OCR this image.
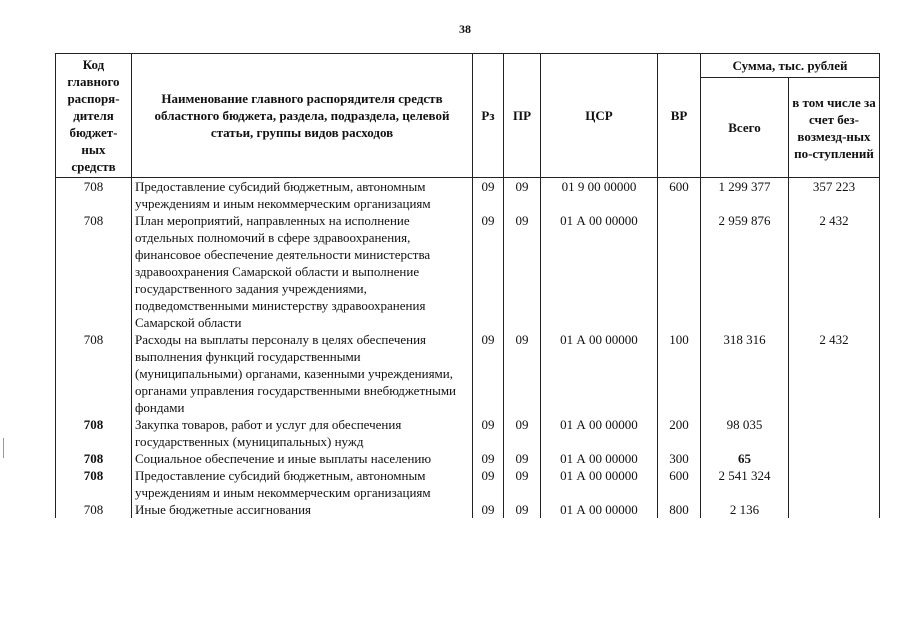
38
Код главного распоря-дителя бюджет-ных средств	Наименование главного распорядителя средств областного бюджета, раздела, подраздела, целевой статьи, группы видов расходов	Рз	ПР	ЦСР	ВР	Сумма, тыс. рублей	
						Всего	в том числе за счет без-возмезд-ных по-ступлений
708	Предоставление субсидий бюджетным, автономным учреждениям и иным некоммерческим организациям	09	09	01 9 00 00000	600	1 299 377	357 223
708	План мероприятий, направленных на исполнение отдельных полномочий в сфере здравоохранения, финансовое обеспечение деятельности министерства здравоохранения Самарской области и выполнение государственного задания учреждениями, подведомственными министерству здравоохранения Самарской области	09	09	01 А 00 00000		2 959 876	2 432
708	Расходы на выплаты персоналу в целях обеспечения выполнения функций государственными (муниципальными) органами, казенными учреждениями, органами управления государственными внебюджетными фондами	09	09	01 А 00 00000	100	318 316	2 432
708	Закупка товаров, работ и услуг для обеспечения государственных (муниципальных) нужд	09	09	01 А 00 00000	200	98 035	
708	Социальное обеспечение и иные выплаты населению	09	09	01 А 00 00000	300	65	
708	Предоставление субсидий бюджетным, автономным учреждениям и иным некоммерческим организациям	09	09	01 А 00 00000	600	2 541 324	
708	Иные бюджетные ассигнования	09	09	01 А 00 00000	800	2 136	
